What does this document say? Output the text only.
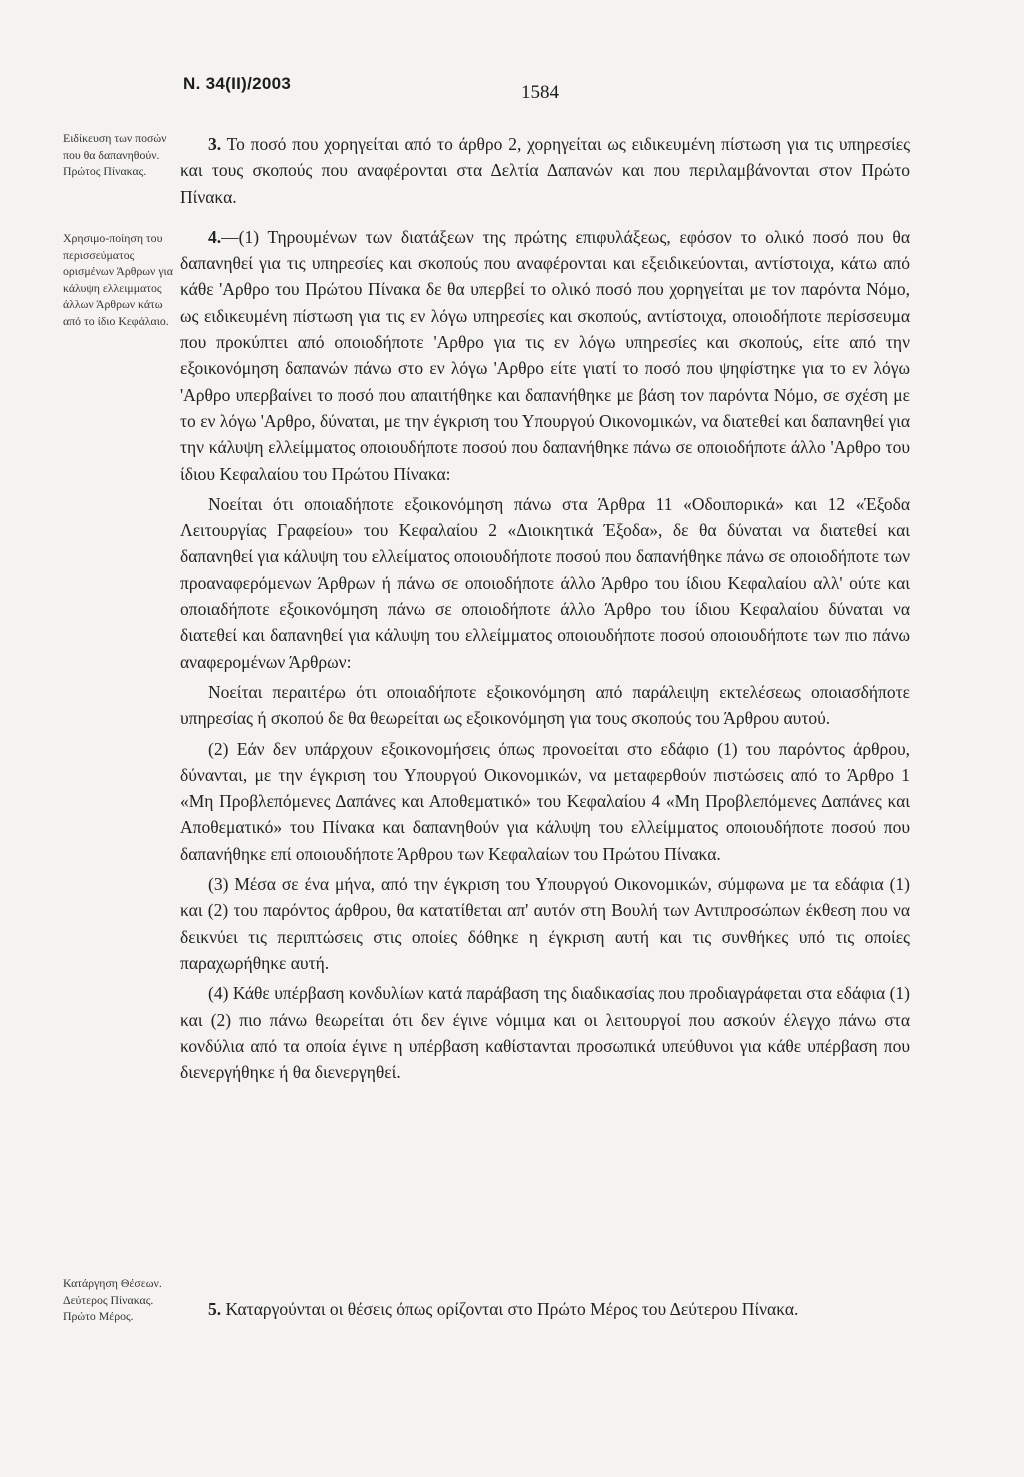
Ν. 34(ΙΙ)/2003	1584
Ειδίκευση των ποσών που θα δαπανηθούν. Πρώτος Πίνακας.
Χρησιμο-ποίηση του περισσεύματος ορισμένων Άρθρων για κάλυψη ελλειμματος άλλων Άρθρων κάτω από το ίδιο Κεφάλαιο.
Κατάργηση Θέσεων. Δεύτερος Πίνακας. Πρώτο Μέρος.

3. Το ποσό που χορηγείται από το άρθρο 2, χορηγείται ως ειδικευμένη πίστωση για τις υπηρεσίες και τους σκοπούς που αναφέρονται στα Δελτία Δαπανών και που περιλαμβάνονται στον Πρώτο Πίνακα.

4.—(1) Τηρουμένων των διατάξεων της πρώτης επιφυλάξεως, εφόσον το ολικό ποσό που θα δαπανηθεί για τις υπηρεσίες και σκοπούς που αναφέρονται και εξειδικεύονται, αντίστοιχα, κάτω από κάθε 'Αρθρο του Πρώτου Πίνακα δε θα υπερβεί το ολικό ποσό που χορηγείται με τον παρόντα Νόμο, ως ειδικευμένη πίστωση για τις εν λόγω υπηρεσίες και σκοπούς, αντίστοιχα, οποιοδήποτε περίσσευμα που προκύπτει από οποιοδήποτε 'Αρθρο για τις εν λόγω υπηρεσίες και σκοπούς, είτε από την εξοικονόμηση δαπανών πάνω στο εν λόγω 'Αρθρο είτε γιατί το ποσό που ψηφίστηκε για το εν λόγω 'Αρθρο υπερβαίνει το ποσό που απαιτήθηκε και δαπανήθηκε με βάση τον παρόντα Νόμο, σε σχέση με το εν λόγω 'Αρθρο, δύναται, με την έγκριση του Υπουργού Οικονομικών, να διατεθεί και δαπανηθεί για την κάλυψη ελλείμματος οποιουδήποτε ποσού που δαπανήθηκε πάνω σε οποιοδήποτε άλλο 'Αρθρο του ίδιου Κεφαλαίου του Πρώτου Πίνακα:

Νοείται ότι οποιαδήποτε εξοικονόμηση πάνω στα Άρθρα 11 «Οδοιπορικά» και 12 «Έξοδα Λειτουργίας Γραφείου» του Κεφαλαίου 2 «Διοικητικά Έξοδα», δε θα δύναται να διατεθεί και δαπανηθεί για κάλυψη του ελλείματος οποιουδήποτε ποσού που δαπανήθηκε πάνω σε οποιοδήποτε των προαναφερόμενων Άρθρων ή πάνω σε οποιοδήποτε άλλο Άρθρο του ίδιου Κεφαλαίου αλλ' ούτε και οποιαδήποτε εξοικονόμηση πάνω σε οποιοδήποτε άλλο Άρθρο του ίδιου Κεφαλαίου δύναται να διατεθεί και δαπανηθεί για κάλυψη του ελλείμματος οποιουδήποτε ποσού οποιουδήποτε των πιο πάνω αναφερομένων Άρθρων:

Νοείται περαιτέρω ότι οποιαδήποτε εξοικονόμηση από παράλειψη εκτελέσεως οποιασδήποτε υπηρεσίας ή σκοπού δε θα θεωρείται ως εξοικονόμηση για τους σκοπούς του Άρθρου αυτού.

(2) Εάν δεν υπάρχουν εξοικονομήσεις όπως προνοείται στο εδάφιο (1) του παρόντος άρθρου, δύνανται, με την έγκριση του Υπουργού Οικονομικών, να μεταφερθούν πιστώσεις από το Άρθρο 1 «Μη Προβλεπόμενες Δαπάνες και Αποθεματικό» του Κεφαλαίου 4 «Μη Προβλεπόμενες Δαπάνες και Αποθεματικό» του Πίνακα και δαπανηθούν για κάλυψη του ελλείμματος οποιουδήποτε ποσού που δαπανήθηκε επί οποιουδήποτε Άρθρου των Κεφαλαίων του Πρώτου Πίνακα.

(3) Μέσα σε ένα μήνα, από την έγκριση του Υπουργού Οικονομικών, σύμφωνα με τα εδάφια (1) και (2) του παρόντος άρθρου, θα κατατίθεται απ' αυτόν στη Βουλή των Αντιπροσώπων έκθεση που να δεικνύει τις περιπτώσεις στις οποίες δόθηκε η έγκριση αυτή και τις συνθήκες υπό τις οποίες παραχωρήθηκε αυτή.

(4) Κάθε υπέρβαση κονδυλίων κατά παράβαση της διαδικασίας που προδιαγράφεται στα εδάφια (1) και (2) πιο πάνω θεωρείται ότι δεν έγινε νόμιμα και οι λειτουργοί που ασκούν έλεγχο πάνω στα κονδύλια από τα οποία έγινε η υπέρβαση καθίστανται προσωπικά υπεύθυνοι για κάθε υπέρβαση που διενεργήθηκε ή θα διενεργηθεί.

5. Καταργούνται οι θέσεις όπως ορίζονται στο Πρώτο Μέρος του Δεύτερου Πίνακα.
